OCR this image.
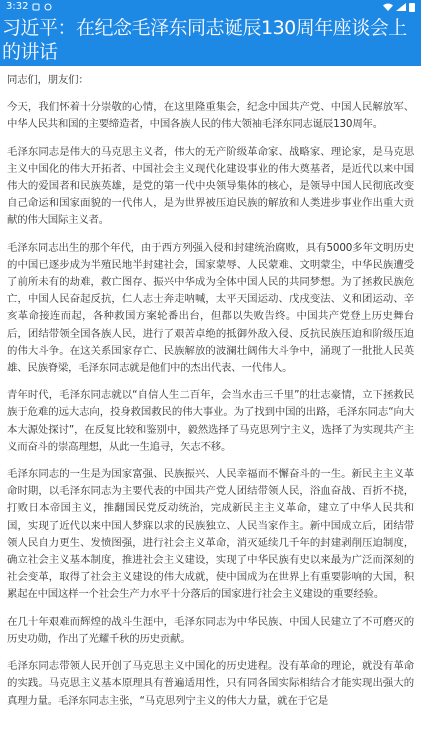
3:32
习近平：在纪念毛泽东同志诞辰130周年座谈会上的讲话

同志们，朋友们：

今天，我们怀着十分崇敬的心情，在这里隆重集会，纪念中国共产党、中国人民解放军、中华人民共和国的主要缔造者，中国各族人民的伟大领袖毛泽东同志诞辰130周年。

毛泽东同志是伟大的马克思主义者，伟大的无产阶级革命家、战略家、理论家，是马克思主义中国化的伟大开拓者、中国社会主义现代化建设事业的伟大奠基者，是近代以来中国伟大的爱国者和民族英雄，是党的第一代中央领导集体的核心，是领导中国人民彻底改变自己命运和国家面貌的一代伟人，是为世界被压迫民族的解放和人类进步事业作出重大贡献的伟大国际主义者。

毛泽东同志出生的那个年代，由于西方列强入侵和封建统治腐败，具有5000多年文明历史的中国已逐步成为半殖民地半封建社会，国家蒙辱、人民蒙难、文明蒙尘，中华民族遭受了前所未有的劫难，救亡图存、振兴中华成为全体中国人民的共同梦想。为了拯救民族危亡，中国人民奋起反抗，仁人志士奔走呐喊，太平天国运动、戊戌变法、义和团运动、辛亥革命接连而起，各种救国方案轮番出台，但都以失败告终。中国共产党登上历史舞台后，团结带领全国各族人民，进行了艰苦卓绝的抵御外敌入侵、反抗民族压迫和阶级压迫的伟大斗争。在这关系国家存亡、民族解放的波澜壮阔伟大斗争中，涌现了一批批人民英雄、民族脊梁，毛泽东同志就是他们中的杰出代表、一代伟人。

青年时代，毛泽东同志就以“自信人生二百年，会当水击三千里”的壮志豪情，立下拯救民族于危难的远大志向，投身救国救民的伟大事业。为了找到中国的出路，毛泽东同志“向大本大源处探讨”，在反复比较和鉴别中，毅然选择了马克思列宁主义，选择了为实现共产主义而奋斗的崇高理想，从此一生追寻，矢志不移。

毛泽东同志的一生是为国家富强、民族振兴、人民幸福而不懈奋斗的一生。新民主主义革命时期，以毛泽东同志为主要代表的中国共产党人团结带领人民，浴血奋战、百折不挠，打败日本帝国主义，推翻国民党反动统治，完成新民主主义革命，建立了中华人民共和国，实现了近代以来中国人梦寐以求的民族独立、人民当家作主。新中国成立后，团结带领人民自力更生、发愤图强，进行社会主义革命，消灭延续几千年的封建剥削压迫制度，确立社会主义基本制度，推进社会主义建设，实现了中华民族有史以来最为广泛而深刻的社会变革，取得了社会主义建设的伟大成就，使中国成为在世界上有重要影响的大国，积累起在中国这样一个社会生产力水平十分落后的国家进行社会主义建设的重要经验。

在几十年艰难而辉煌的战斗生涯中，毛泽东同志为中华民族、中国人民建立了不可磨灭的历史功勋，作出了光耀千秋的历史贡献。

毛泽东同志带领人民开创了马克思主义中国化的历史进程。没有革命的理论，就没有革命的实践。马克思主义基本原理具有普遍适用性，只有同各国实际相结合才能实现出强大的真理力量。毛泽东同志主张，“马克思列宁主义的伟大力量，就在于它是
